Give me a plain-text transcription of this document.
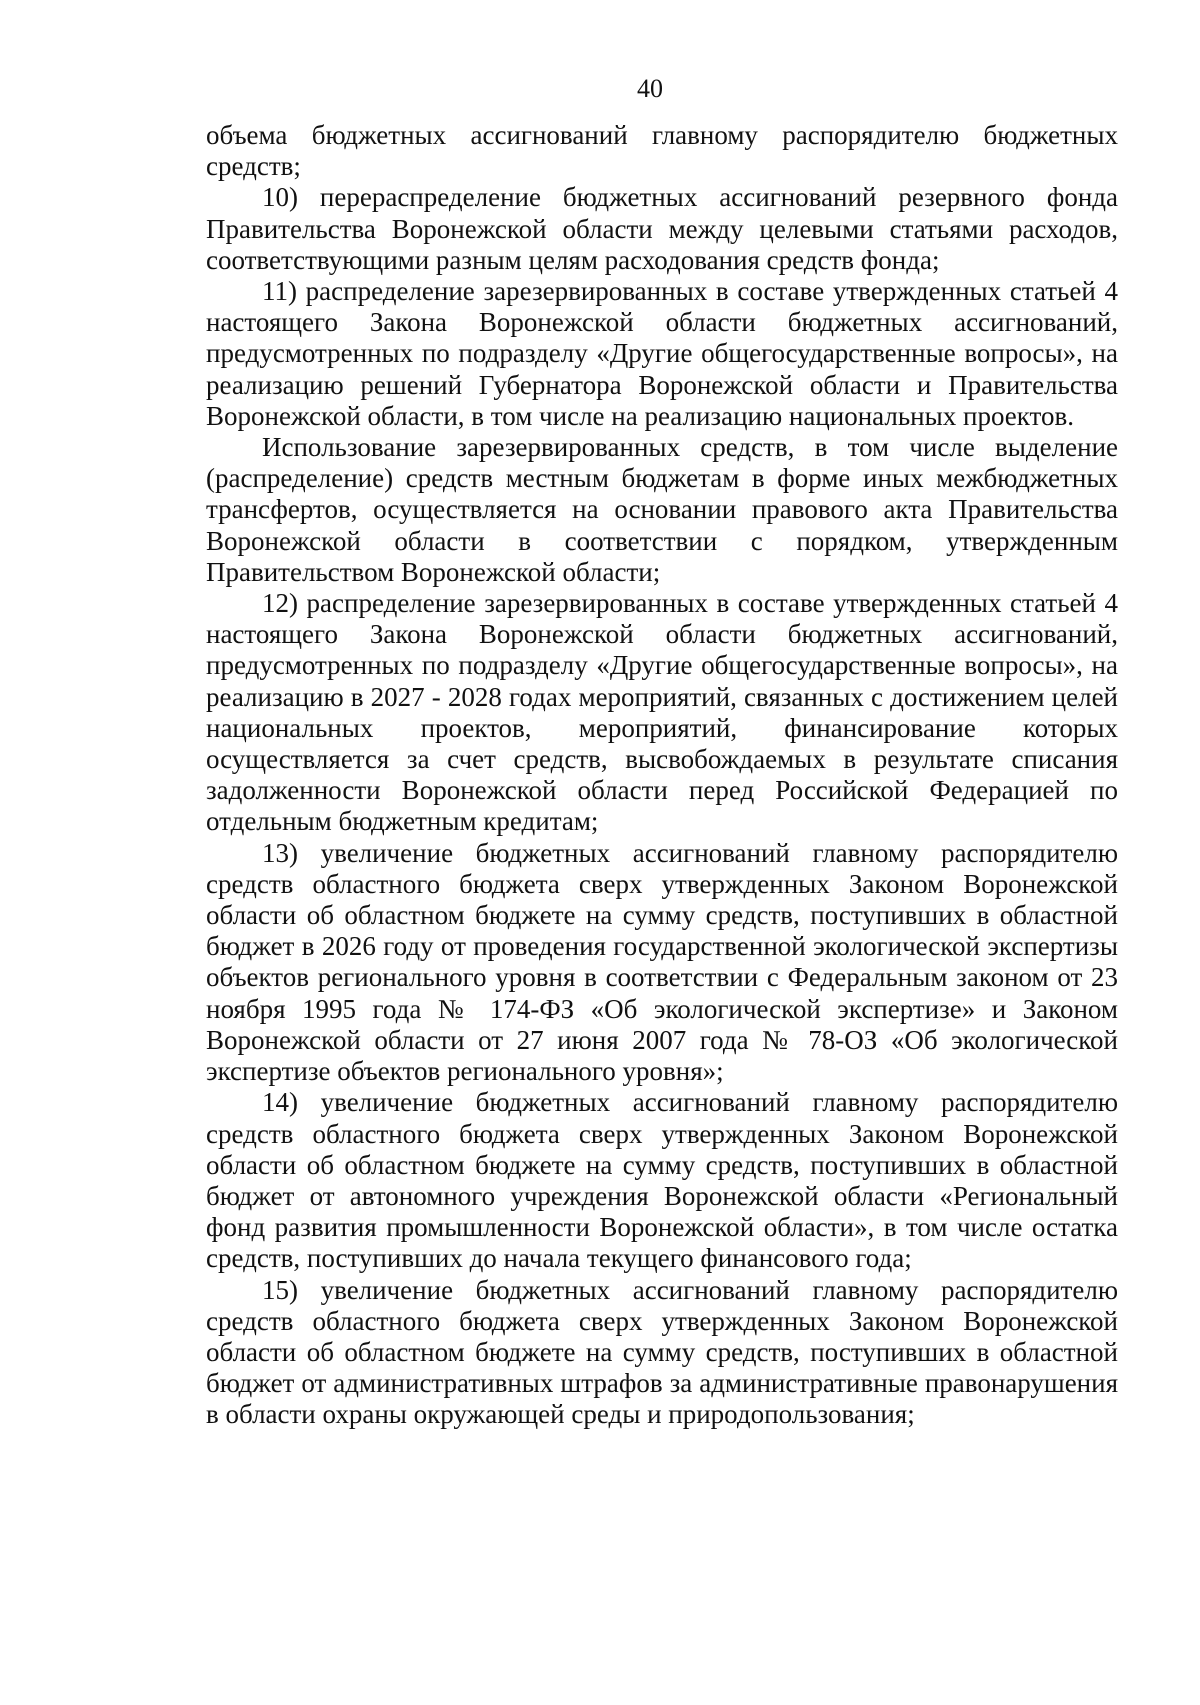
40

объема бюджетных ассигнований главному распорядителю бюджетных средств;

10) перераспределение бюджетных ассигнований резервного фонда Правительства Воронежской области между целевыми статьями расходов, соответствующими разным целям расходования средств фонда;

11) распределение зарезервированных в составе утвержденных статьей 4 настоящего Закона Воронежской области бюджетных ассигнований, предусмотренных по подразделу «Другие общегосударственные вопросы», на реализацию решений Губернатора Воронежской области и Правительства Воронежской области, в том числе на реализацию национальных проектов.

Использование зарезервированных средств, в том числе выделение (распределение) средств местным бюджетам в форме иных межбюджетных трансфертов, осуществляется на основании правового акта Правительства Воронежской области в соответствии с порядком, утвержденным Правительством Воронежской области;

12) распределение зарезервированных в составе утвержденных статьей 4 настоящего Закона Воронежской области бюджетных ассигнований, предусмотренных по подразделу «Другие общегосударственные вопросы», на реализацию в 2027 - 2028 годах мероприятий, связанных с достижением целей национальных проектов, мероприятий, финансирование которых осуществляется за счет средств, высвобождаемых в результате списания задолженности Воронежской области перед Российской Федерацией по отдельным бюджетным кредитам;

13) увеличение бюджетных ассигнований главному распорядителю средств областного бюджета сверх утвержденных Законом Воронежской области об областном бюджете на сумму средств, поступивших в областной бюджет в 2026 году от проведения государственной экологической экспертизы объектов регионального уровня в соответствии с Федеральным законом от 23 ноября 1995 года № 174-ФЗ «Об экологической экспертизе» и Законом Воронежской области от 27 июня 2007 года № 78-ОЗ «Об экологической экспертизе объектов регионального уровня»;

14) увеличение бюджетных ассигнований главному распорядителю средств областного бюджета сверх утвержденных Законом Воронежской области об областном бюджете на сумму средств, поступивших в областной бюджет от автономного учреждения Воронежской области «Региональный фонд развития промышленности Воронежской области», в том числе остатка средств, поступивших до начала текущего финансового года;

15) увеличение бюджетных ассигнований главному распорядителю средств областного бюджета сверх утвержденных Законом Воронежской области об областном бюджете на сумму средств, поступивших в областной бюджет от административных штрафов за административные правонарушения в области охраны окружающей среды и природопользования;
